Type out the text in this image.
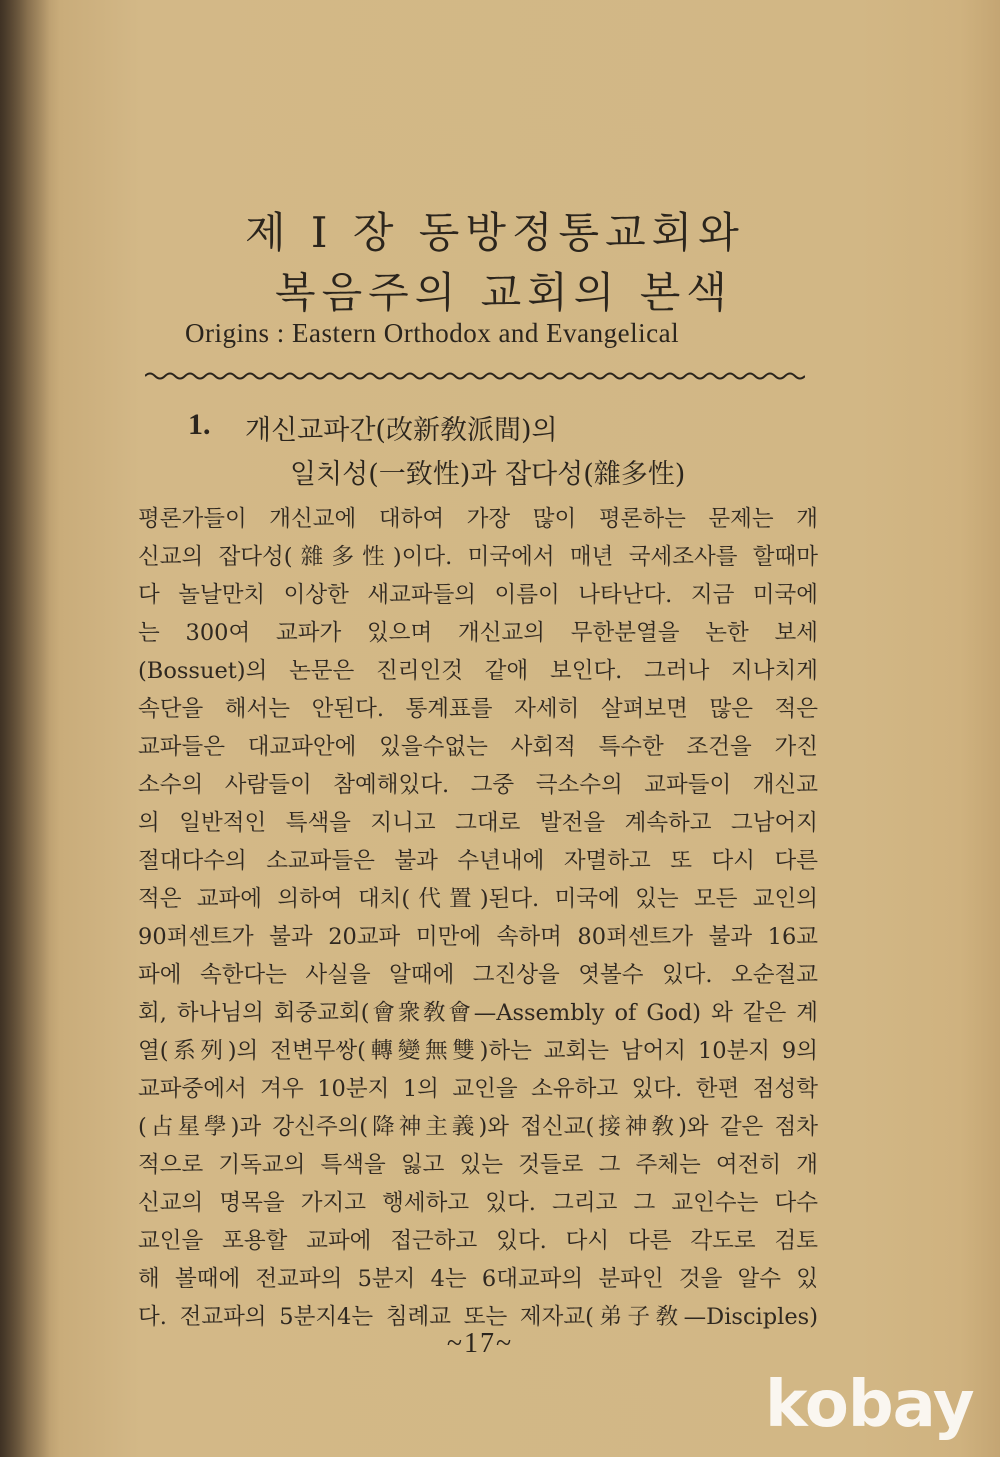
제 I 장 동방정통교회와
복음주의 교회의 본색
Origins : Eastern Orthodox and Evangelical
1. 개신교파간(改新敎派間)의
일치성(一致性)과 잡다성(雜多性)
평론가들이 개신교에 대하여 가장 많이 평론하는 문제는 개
신교의 잡다성(雜多性)이다. 미국에서 매년 국세조사를 할때마
다 놀날만치 이상한 새교파들의 이름이 나타난다. 지금 미국에
는 300여 교파가 있으며 개신교의 무한분열을 논한 보세
(Bossuet)의 논문은 진리인것 같애 보인다. 그러나 지나치게
속단을 해서는 안된다. 통계표를 자세히 살펴보면 많은 적은
교파들은 대교파안에 있을수없는 사회적 특수한 조건을 가진
소수의 사람들이 참예해있다. 그중 극소수의 교파들이 개신교
의 일반적인 특색을 지니고 그대로 발전을 계속하고 그남어지
절대다수의 소교파들은 불과 수년내에 자멸하고 또 다시 다른
적은 교파에 의하여 대치(代置)된다. 미국에 있는 모든 교인의
90퍼센트가 불과 20교파 미만에 속하며 80퍼센트가 불과 16교
파에 속한다는 사실을 알때에 그진상을 엿볼수 있다. 오순절교
회, 하나님의 회중교회(會衆敎會—Assembly of God) 와 같은 계
열(系列)의 전변무쌍(轉變無雙)하는 교회는 남어지 10분지 9의
교파중에서 겨우 10분지 1의 교인을 소유하고 있다. 한편 점성학
(占星學)과 강신주의(降神主義)와 접신교(接神敎)와 같은 점차
적으로 기독교의 특색을 잃고 있는 것들로 그 주체는 여전히 개
신교의 명목을 가지고 행세하고 있다. 그리고 그 교인수는 다수
교인을 포용할 교파에 접근하고 있다. 다시 다른 각도로 검토
해 볼때에 전교파의 5분지 4는 6대교파의 분파인 것을 알수 있
다. 전교파의 5분지4는 침례교 또는 제자교(弟子敎—Disciples)
~17~
kobay
